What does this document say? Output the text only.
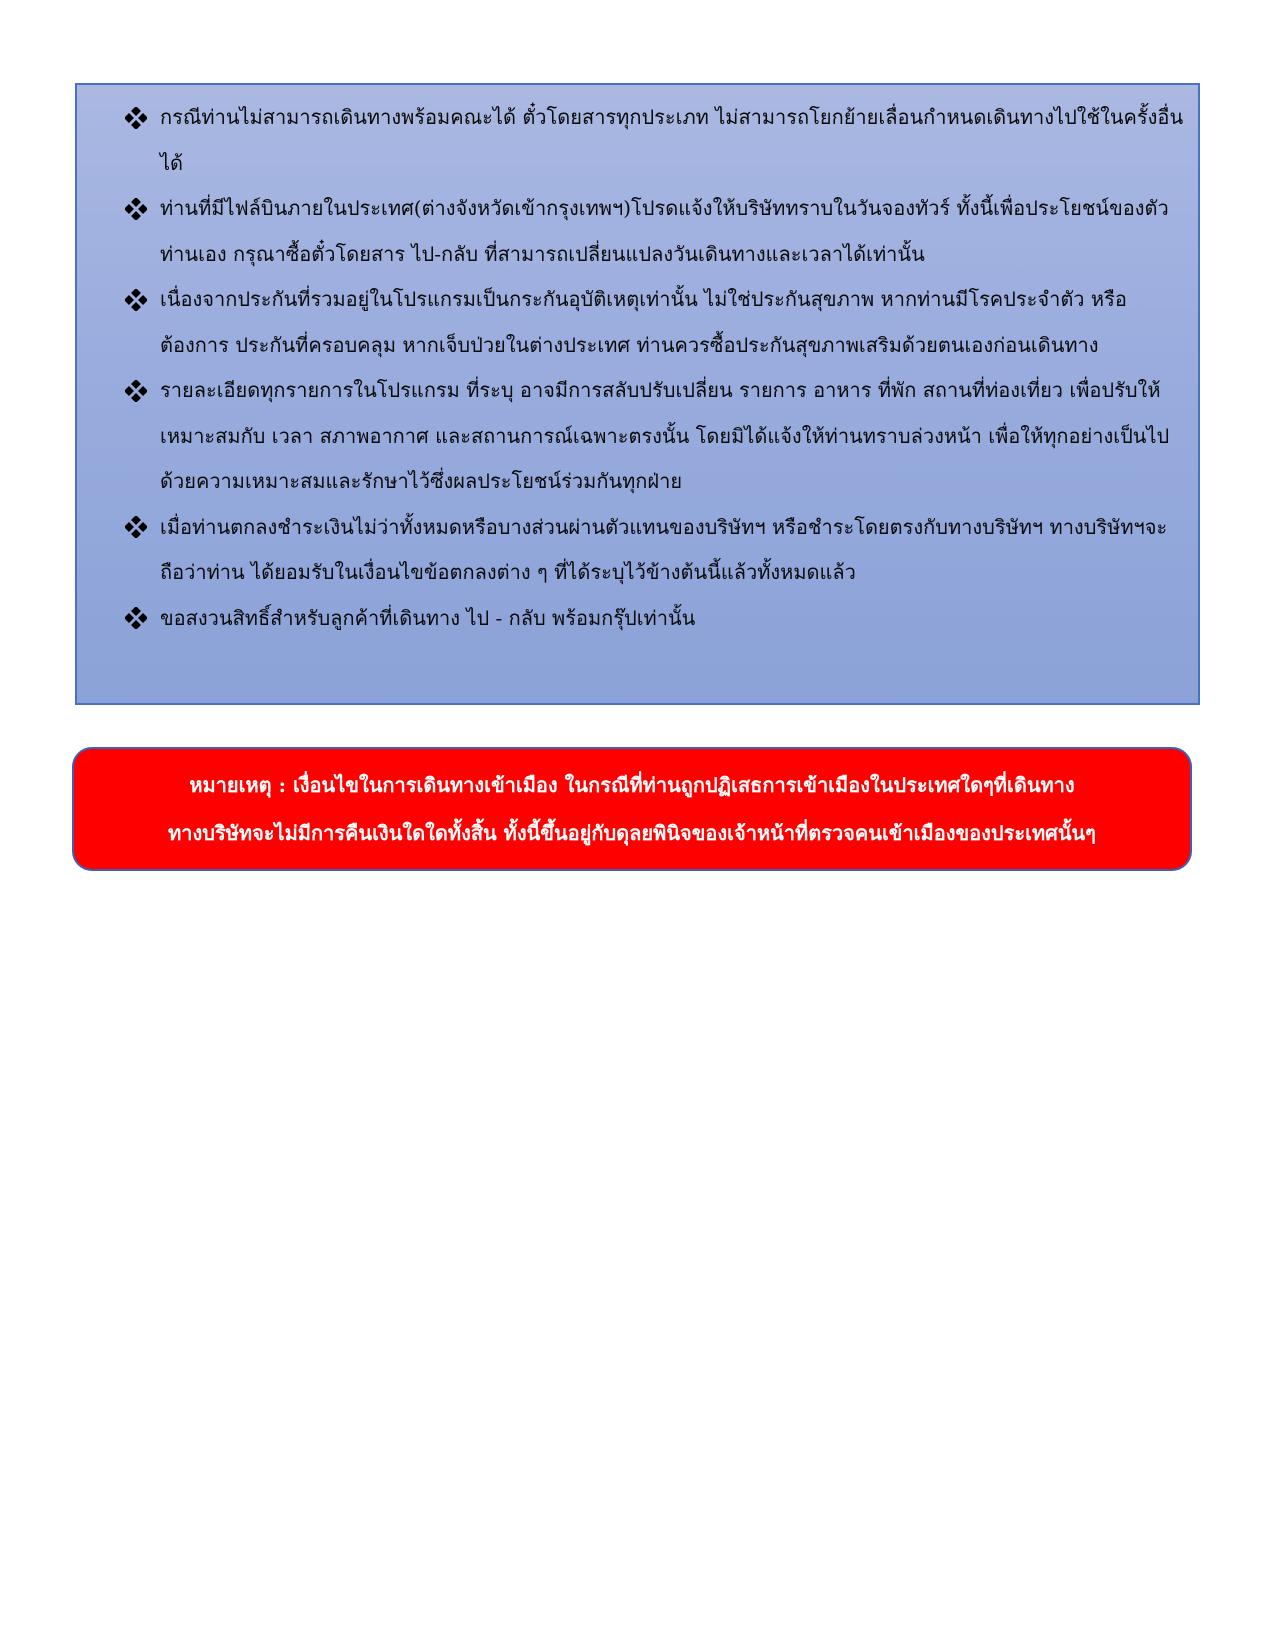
กรณีท่านไม่สามารถเดินทางพร้อมคณะได้ ตั๋วโดยสารทุกประเภท ไม่สามารถโยกย้ายเลื่อนกำหนดเดินทางไปใช้ในครั้งอื่นได้
ท่านที่มีไฟล์บินภายในประเทศ(ต่างจังหวัดเข้ากรุงเทพฯ)โปรดแจ้งให้บริษัททราบในวันจองทัวร์ ทั้งนี้เพื่อประโยชน์ของตัวท่านเอง กรุณาซื้อตั๋วโดยสาร ไป-กลับ ที่สามารถเปลี่ยนแปลงวันเดินทางและเวลาได้เท่านั้น
เนื่องจากประกันที่รวมอยู่ในโปรแกรมเป็นกระกันอุบัติเหตุเท่านั้น ไม่ใช่ประกันสุขภาพ หากท่านมีโรคประจำตัว หรือต้องการ ประกันที่ครอบคลุม หากเจ็บป่วยในต่างประเทศ ท่านควรซื้อประกันสุขภาพเสริมด้วยตนเองก่อนเดินทาง
รายละเอียดทุกรายการในโปรแกรม ที่ระบุ อาจมีการสลับปรับเปลี่ยน รายการ อาหาร ที่พัก สถานที่ท่องเที่ยว เพื่อปรับให้เหมาะสมกับ เวลา สภาพอากาศ และสถานการณ์เฉพาะตรงนั้น โดยมิได้แจ้งให้ท่านทราบล่วงหน้า เพื่อให้ทุกอย่างเป็นไปด้วยความเหมาะสมและรักษาไว้ซึ่งผลประโยชน์ร่วมกันทุกฝ่าย
เมื่อท่านตกลงชำระเงินไม่ว่าทั้งหมดหรือบางส่วนผ่านตัวแทนของบริษัทฯ หรือชำระโดยตรงกับทางบริษัทฯ ทางบริษัทฯจะถือว่าท่าน ได้ยอมรับในเงื่อนไขข้อตกลงต่าง ๆ ที่ได้ระบุไว้ข้างต้นนี้แล้วทั้งหมดแล้ว
ขอสงวนสิทธิ์สำหรับลูกค้าที่เดินทาง ไป - กลับ พร้อมกรุ๊ปเท่านั้น
หมายเหตุ : เงื่อนไขในการเดินทางเข้าเมือง ในกรณีที่ท่านถูกปฏิเสธการเข้าเมืองในประเทศใดๆที่เดินทาง
ทางบริษัทจะไม่มีการคืนเงินใดใดทั้งสิ้น ทั้งนี้ขึ้นอยู่กับดุลยพินิจของเจ้าหน้าที่ตรวจคนเข้าเมืองของประเทศนั้นๆ
